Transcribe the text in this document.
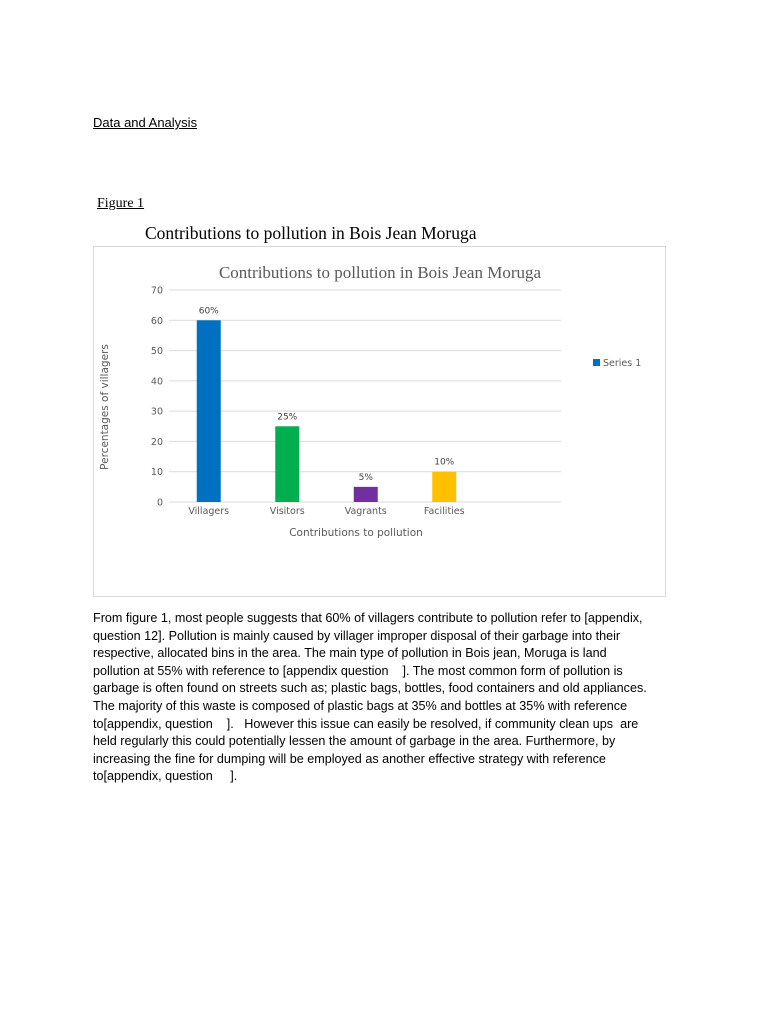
Data and Analysis
Figure 1
Contributions to pollution in Bois Jean Moruga
0
10
20
30
40
50
60
70
60%
25%
5%
10%
Villagers	Visitors	Vagrants	Facilities
Contributions to pollution in Bois Jean Moruga
Contributions to pollution
Percentages of villagers	Series 1

From figure 1, most people suggests that 60% of villagers contribute to pollution refer to [appendix,

question 12]. Pollution is mainly caused by villager improper disposal of their garbage into their

respective, allocated bins in the area. The main type of pollution in Bois jean, Moruga is land

pollution at 55% with reference to [appendix question    ]. The most common form of pollution is

garbage is often found on streets such as; plastic bags, bottles, food containers and old appliances.

The majority of this waste is composed of plastic bags at 35% and bottles at 35% with reference

to[appendix, question    ].   However this issue can easily be resolved, if community clean ups  are

held regularly this could potentially lessen the amount of garbage in the area. Furthermore, by

increasing the fine for dumping will be employed as another effective strategy with reference

to[appendix, question     ].
